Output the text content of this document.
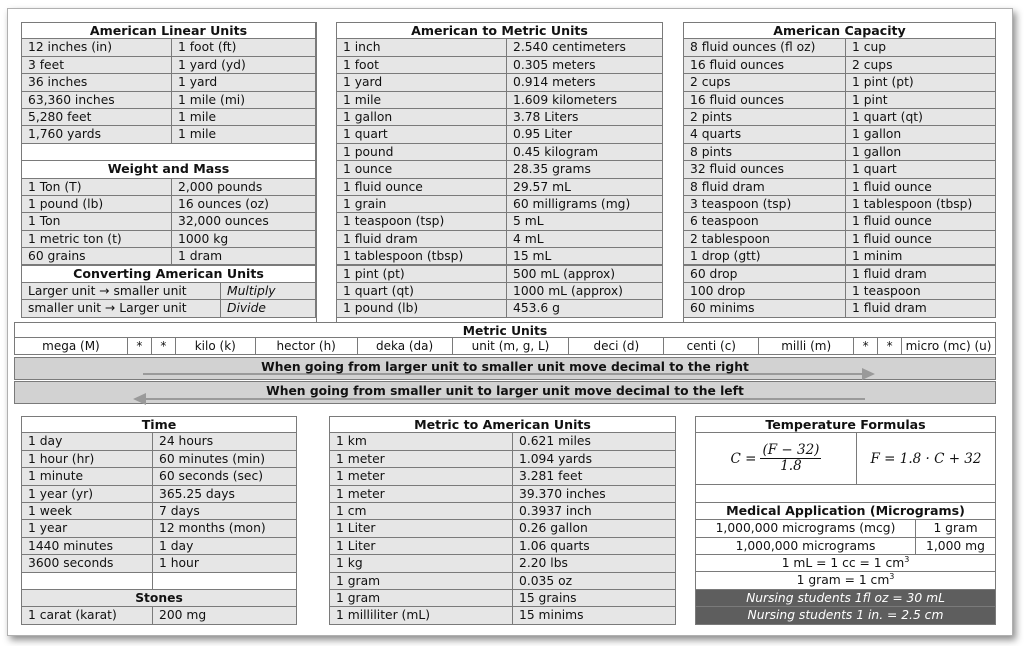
American Linear Units
12 inches (in)	1 foot (ft)
3 feet	1 yard (yd)
36 inches	1 yard
63,360 inches	1 mile (mi)
5,280 feet	1 mile
1,760 yards	1 mile
Weight and Mass
1 Ton (T)	2,000 pounds
1 pound (lb)	16 ounces (oz)
1 Ton	32,000 ounces
1 metric ton (t)	1000 kg
60 grains	1 dram
Converting American Units
Larger unit → smaller unit	Multiply
smaller unit → Larger unit	Divide
American to Metric Units
1 inch	2.540 centimeters
1 foot	0.305 meters
1 yard	0.914 meters
1 mile	1.609 kilometers
1 gallon	3.78 Liters
1 quart	0.95 Liter
1 pound	0.45 kilogram
1 ounce	28.35 grams
1 fluid ounce	29.57 mL
1 grain	60 milligrams (mg)
1 teaspoon (tsp)	5 mL
1 fluid dram	4 mL
1 tablespoon (tbsp)	15 mL
1 pint (pt)	500 mL (approx)
1 quart (qt)	1000 mL (approx)
1 pound (lb)	453.6 g
American Capacity
8 fluid ounces (fl oz)	1 cup
16 fluid ounces	2 cups
2 cups	1 pint (pt)
16 fluid ounces	1 pint
2 pints	1 quart (qt)
4 quarts	1 gallon
8 pints	1 gallon
32 fluid ounces	1 quart
8 fluid dram	1 fluid ounce
3 teaspoon (tsp)	1 tablespoon (tbsp)
6 teaspoon	1 fluid ounce
2 tablespoon	1 fluid ounce
1 drop (gtt)	1 minim
60 drop	1 fluid dram
100 drop	1 teaspoon
60 minims	1 fluid dram
Metric Units
mega (M)	*	*	kilo (k)	hector (h)	deka (da)	unit (m, g, L)	deci (d)	centi (c)	milli (m)	*	*	micro (mc) (u)
When going from larger unit to smaller unit move decimal to the right
When going from smaller unit to larger unit move decimal to the left
Time
1 day	24 hours
1 hour (hr)	60 minutes (min)
1 minute	60 seconds (sec)
1 year (yr)	365.25 days
1 week	7 days
1 year	12 months (mon)
1440 minutes	1 day
3600 seconds	1 hour
Stones
1 carat (karat)	200 mg
Metric to American Units
1 km	0.621 miles
1 meter	1.094 yards
1 meter	3.281 feet
1 meter	39.370 inches
1 cm	0.3937 inch
1 Liter	0.26 gallon
1 Liter	1.06 quarts
1 kg	2.20 lbs
1 gram	0.035 oz
1 gram	15 grains
1 milliliter (mL)	15 minims
Temperature Formulas
$C = \frac{(F - 32)}{1.8}$	F = 1.8 · C + 32
Medical Application (Micrograms)
1,000,000 micrograms (mcg)	1 gram
1,000,000 micrograms	1,000 mg
1 mL = 1 cc = 1 $cm^3$
1 gram = 1 $cm^3$
Nursing students 1fl oz = 30 mL
Nursing students 1 in. = 2.5 cm
